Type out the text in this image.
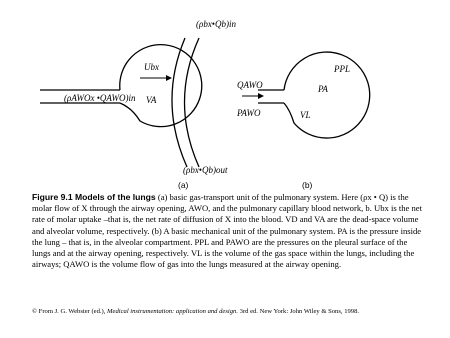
(ρbx•Qb)in
(ρbx•Qb)out
(ρAWOx •QAWO)in
Ubx
VA
(a)
QAWO
PAWO
PPL
PA
VL
(b)
Figure 9.1 Models of the lungs (a) basic gas-transport unit of the pulmonary system. Here (ρx • Q) is the molar flow of X through the airway opening, AWO, and the pulmonary capillary blood network, b. Ubx is the net rate of molar uptake –that is, the net rate of diffusion of X into the blood. VD and VA are the dead-space volume and alveolar volume, respectively. (b) A basic mechanical unit of the pulmonary system. PA is the pressure inside the lung – that is, in the alveolar compartment. PPL and PAWO are the pressures on the pleural surface of the lungs and at the airway opening, respectively. VL is the volume of the gas space within the lungs, including the airways; QAWO is the volume flow of gas into the lungs measured at the airway opening.
© From J. G. Webster (ed.), Medical instrumentation: application and design. 3rd ed. New York: John Wiley & Sons, 1998.
